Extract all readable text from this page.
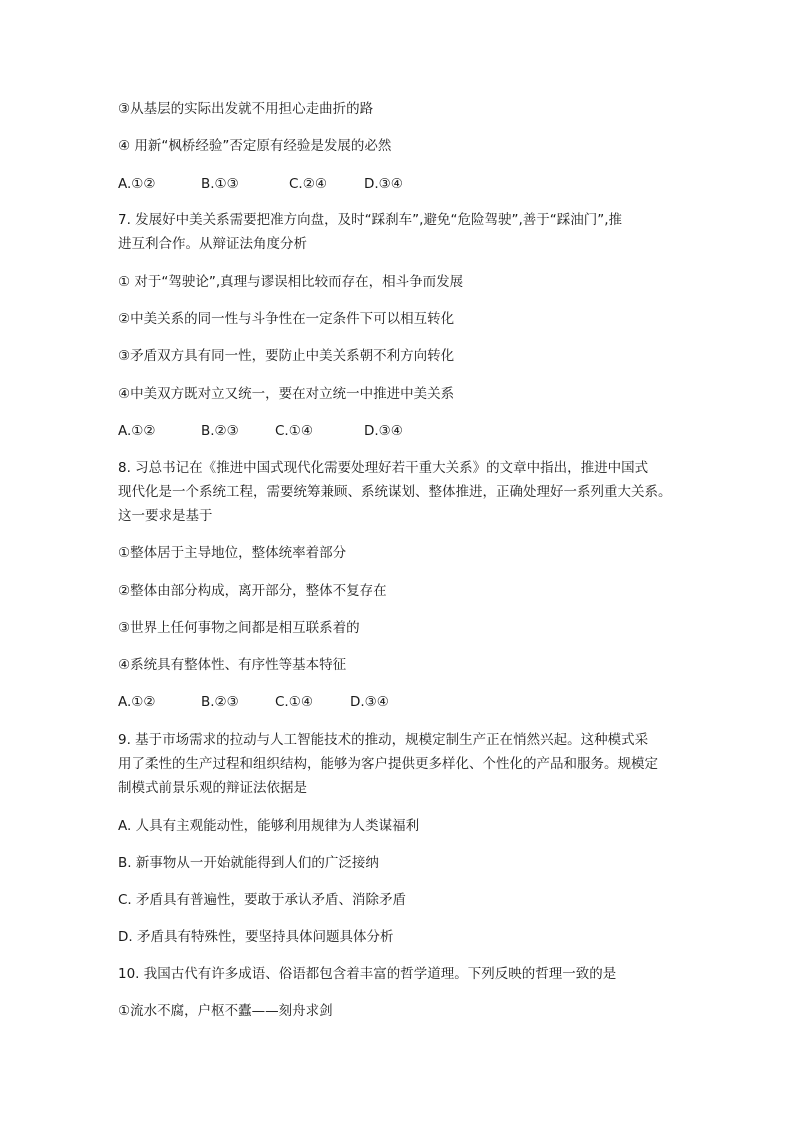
③从基层的实际出发就不用担心走曲折的路

④ 用新“枫桥经验”否定原有经验是发展的必然

A.①②	B.①③	C.②④	D.③④

7. 发展好中美关系需要把准方向盘，及时“踩刹车”,避免“危险驾驶”,善于“踩油门”,推

进互利合作。从辩证法角度分析

① 对于“驾驶论”,真理与谬误相比较而存在，相斗争而发展

②中美关系的同一性与斗争性在一定条件下可以相互转化

③矛盾双方具有同一性，要防止中美关系朝不利方向转化

④中美双方既对立又统一，要在对立统一中推进中美关系

A.①②	B.②③	C.①④	D.③④

8. 习总书记在《推进中国式现代化需要处理好若干重大关系》的文章中指出，推进中国式

现代化是一个系统工程，需要统筹兼顾、系统谋划、整体推进，正确处理好一系列重大关系。

这一要求是基于

①整体居于主导地位，整体统率着部分

②整体由部分构成，离开部分，整体不复存在

③世界上任何事物之间都是相互联系着的

④系统具有整体性、有序性等基本特征

A.①②	B.②③	C.①④	D.③④

9. 基于市场需求的拉动与人工智能技术的推动，规模定制生产正在悄然兴起。这种模式采

用了柔性的生产过程和组织结构，能够为客户提供更多样化、个性化的产品和服务。规模定

制模式前景乐观的辩证法依据是

A. 人具有主观能动性，能够利用规律为人类谋福利

B. 新事物从一开始就能得到人们的广泛接纳

C. 矛盾具有普遍性，要敢于承认矛盾、消除矛盾

D. 矛盾具有特殊性，要坚持具体问题具体分析

10. 我国古代有许多成语、俗语都包含着丰富的哲学道理。下列反映的哲理一致的是

①流水不腐，户枢不蠹——刻舟求剑
